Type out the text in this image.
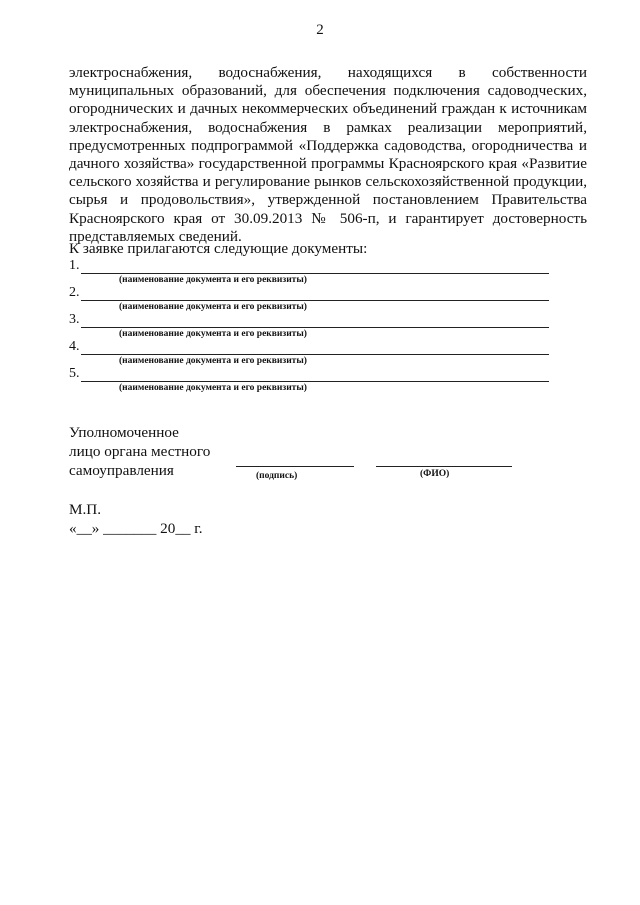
2

электроснабжения, водоснабжения, находящихся в собственности муниципальных образований, для обеспечения подключения садоводческих, огороднических и дачных некоммерческих объединений граждан к источникам электроснабжения, водоснабжения в рамках реализации мероприятий, предусмотренных подпрограммой «Поддержка садоводства, огородничества и дачного хозяйства» государственной программы Красноярского края «Развитие сельского хозяйства и регулирование рынков сельскохозяйственной продукции, сырья и продовольствия», утвержденной постановлением Правительства Красноярского края от 30.09.2013 № 506-п, и гарантирует достоверность представляемых сведений.

К заявке прилагаются следующие документы:
1.
(наименование документа и его реквизиты)
2.
(наименование документа и его реквизиты)
3.
(наименование документа и его реквизиты)
4.
(наименование документа и его реквизиты)
5.
(наименование документа и его реквизиты)
Уполномоченное
лицо органа местного
самоуправления	(подпись)	(ФИО)
М.П.
«__» _______ 20__ г.
